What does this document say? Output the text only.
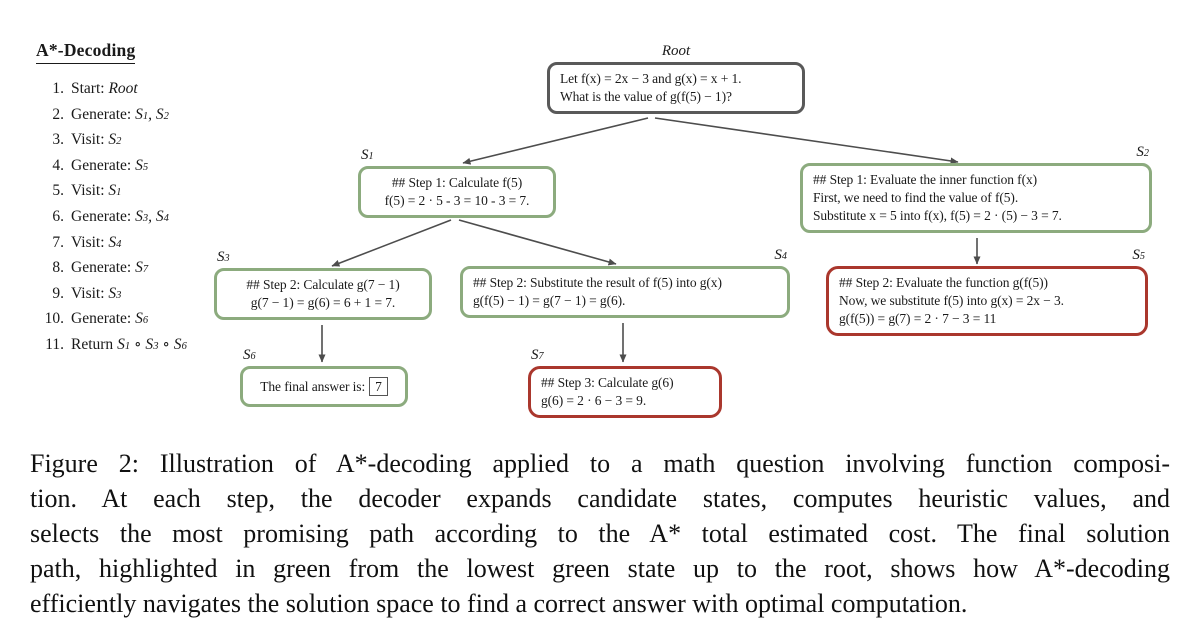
A*-Decoding
1. Start: Root
2. Generate: $S_1$, $S_2$
3. Visit: $S_2$
4. Generate: $S_5$
5. Visit: $S_1$
6. Generate: $S_3$, $S_4$
7. Visit: $S_4$
8. Generate: $S_7$
9. Visit: $S_3$
10. Generate: $S_6$
11. Return $S_1$ ∘ $S_3$ ∘ $S_6$
Root
Let f(x) = 2x − 3 and g(x) = x + 1.
What is the value of g(f(5) − 1)?
$S_1$
## Step 1: Calculate f(5)
f(5) = 2 · 5 - 3 = 10 - 3 = 7.
$S_2$
## Step 1: Evaluate the inner function f(x)
First, we need to find the value of f(5).
Substitute x = 5 into f(x), f(5) = 2 · (5) − 3 = 7.
$S_3$
## Step 2: Calculate g(7 − 1)
g(7 − 1) = g(6) = 6 + 1 = 7.
$S_4$
## Step 2: Substitute the result of f(5) into g(x)
g(f(5) − 1) = g(7 − 1) = g(6).
$S_5$
## Step 2: Evaluate the function g(f(5))
Now, we substitute f(5) into g(x) = 2x − 3.
g(f(5)) = g(7) = 2 · 7 − 3 = 11
$S_6$
The final answer is: 7
$S_7$
## Step 3: Calculate g(6)
g(6) = 2 · 6 − 3 = 9.
Figure 2: Illustration of A*-decoding applied to a math question involving function composi-
tion. At each step, the decoder expands candidate states, computes heuristic values, and
selects the most promising path according to the A* total estimated cost. The final solution
path, highlighted in green from the lowest green state up to the root, shows how A*-decoding
efficiently navigates the solution space to find a correct answer with optimal computation.
